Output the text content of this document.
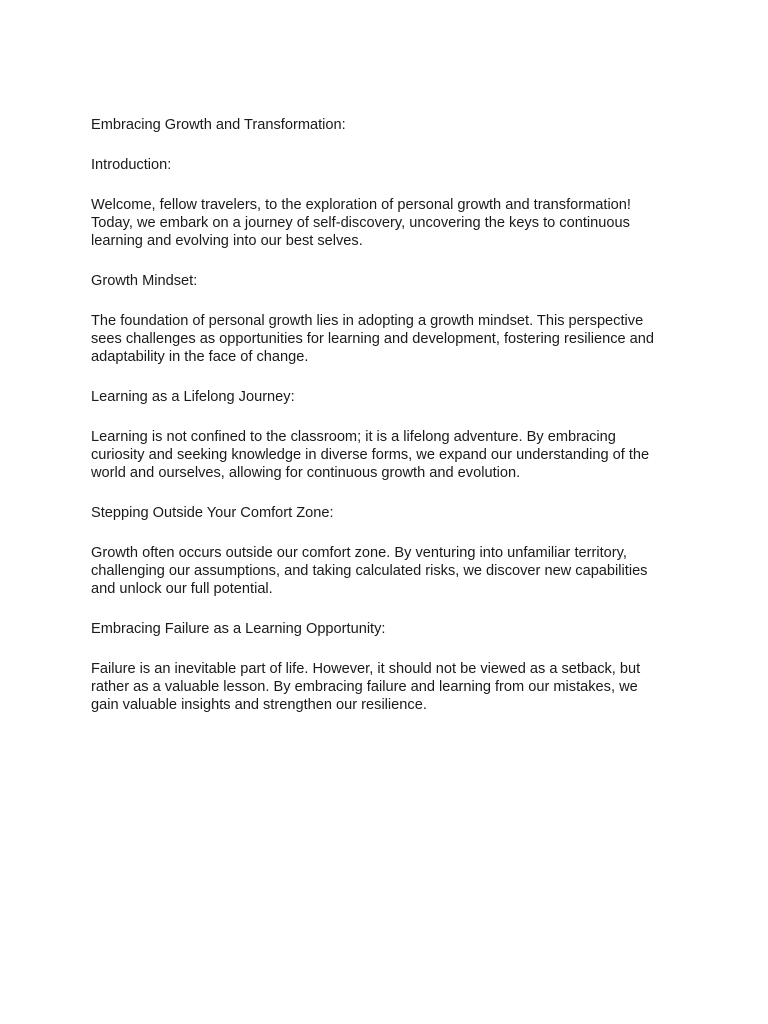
Embracing Growth and Transformation:

Introduction:

Welcome, fellow travelers, to the exploration of personal growth and transformation!
Today, we embark on a journey of self-discovery, uncovering the keys to continuous
learning and evolving into our best selves.

Growth Mindset:

The foundation of personal growth lies in adopting a growth mindset. This perspective
sees challenges as opportunities for learning and development, fostering resilience and
adaptability in the face of change.

Learning as a Lifelong Journey:

Learning is not confined to the classroom; it is a lifelong adventure. By embracing
curiosity and seeking knowledge in diverse forms, we expand our understanding of the
world and ourselves, allowing for continuous growth and evolution.

Stepping Outside Your Comfort Zone:

Growth often occurs outside our comfort zone. By venturing into unfamiliar territory,
challenging our assumptions, and taking calculated risks, we discover new capabilities
and unlock our full potential.

Embracing Failure as a Learning Opportunity:

Failure is an inevitable part of life. However, it should not be viewed as a setback, but
rather as a valuable lesson. By embracing failure and learning from our mistakes, we
gain valuable insights and strengthen our resilience.
